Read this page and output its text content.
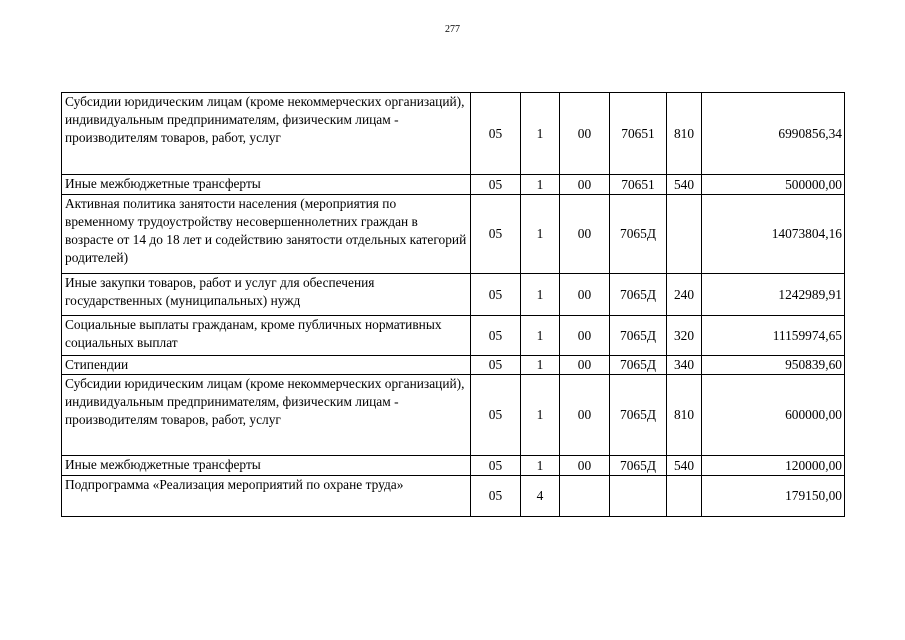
277
Субсидии юридическим лицам (кроме некоммерческих организаций), индивидуальным предпринимателям, физическим лицам - производителям товаров, работ, услуг	05	1	00	70651	810	6990856,34
Иные межбюджетные трансферты	05	1	00	70651	540	500000,00
Активная политика занятости населения (мероприятия по временному трудоустройству несовершеннолетних граждан в возрасте от 14 до 18 лет и содействию занятости отдельных категорий родителей)	05	1	00	7065Д		14073804,16
Иные закупки товаров, работ и услуг для обеспечения государственных (муниципальных) нужд	05	1	00	7065Д	240	1242989,91
Социальные выплаты гражданам, кроме публичных нормативных социальных выплат	05	1	00	7065Д	320	11159974,65
Стипендии	05	1	00	7065Д	340	950839,60
Субсидии юридическим лицам (кроме некоммерческих организаций), индивидуальным предпринимателям, физическим лицам - производителям товаров, работ, услуг	05	1	00	7065Д	810	600000,00
Иные межбюджетные трансферты	05	1	00	7065Д	540	120000,00
Подпрограмма «Реализация мероприятий по охране труда»	05	4				179150,00
